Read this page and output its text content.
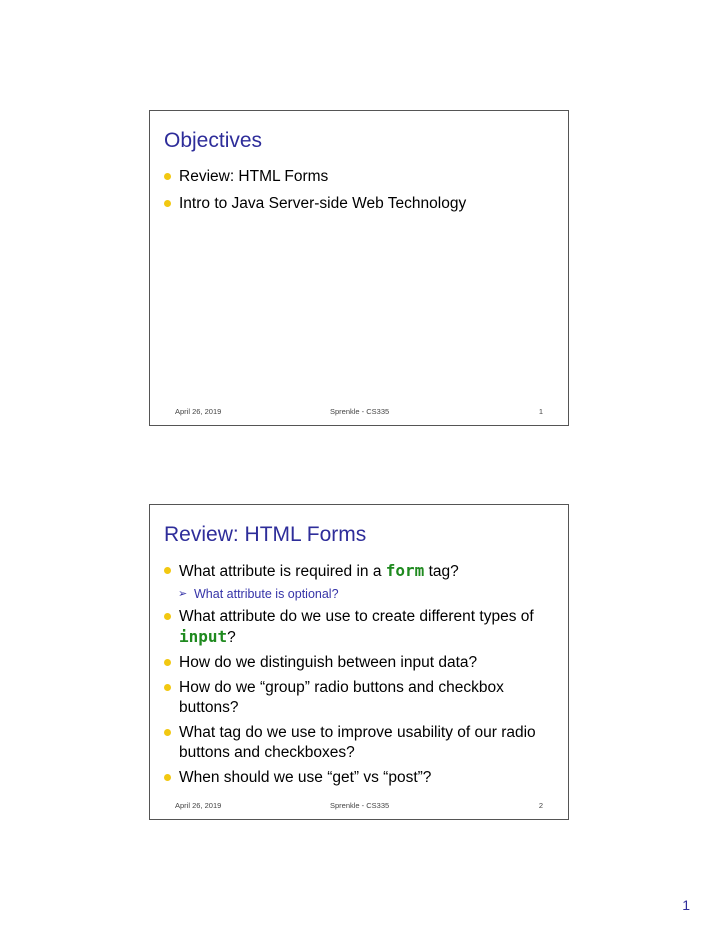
Objectives
Review: HTML Forms
Intro to Java Server-side Web Technology
April 26, 2019	Sprenkle - CS335	1
Review: HTML Forms
What attribute is required in a form tag?
➢ What attribute is optional?
What attribute do we use to create different types of input?
How do we distinguish between input data?
How do we “group” radio buttons and checkbox buttons?
What tag do we use to improve usability of our radio buttons and checkboxes?
When should we use “get” vs “post”?
April 26, 2019	Sprenkle - CS335	2
1
